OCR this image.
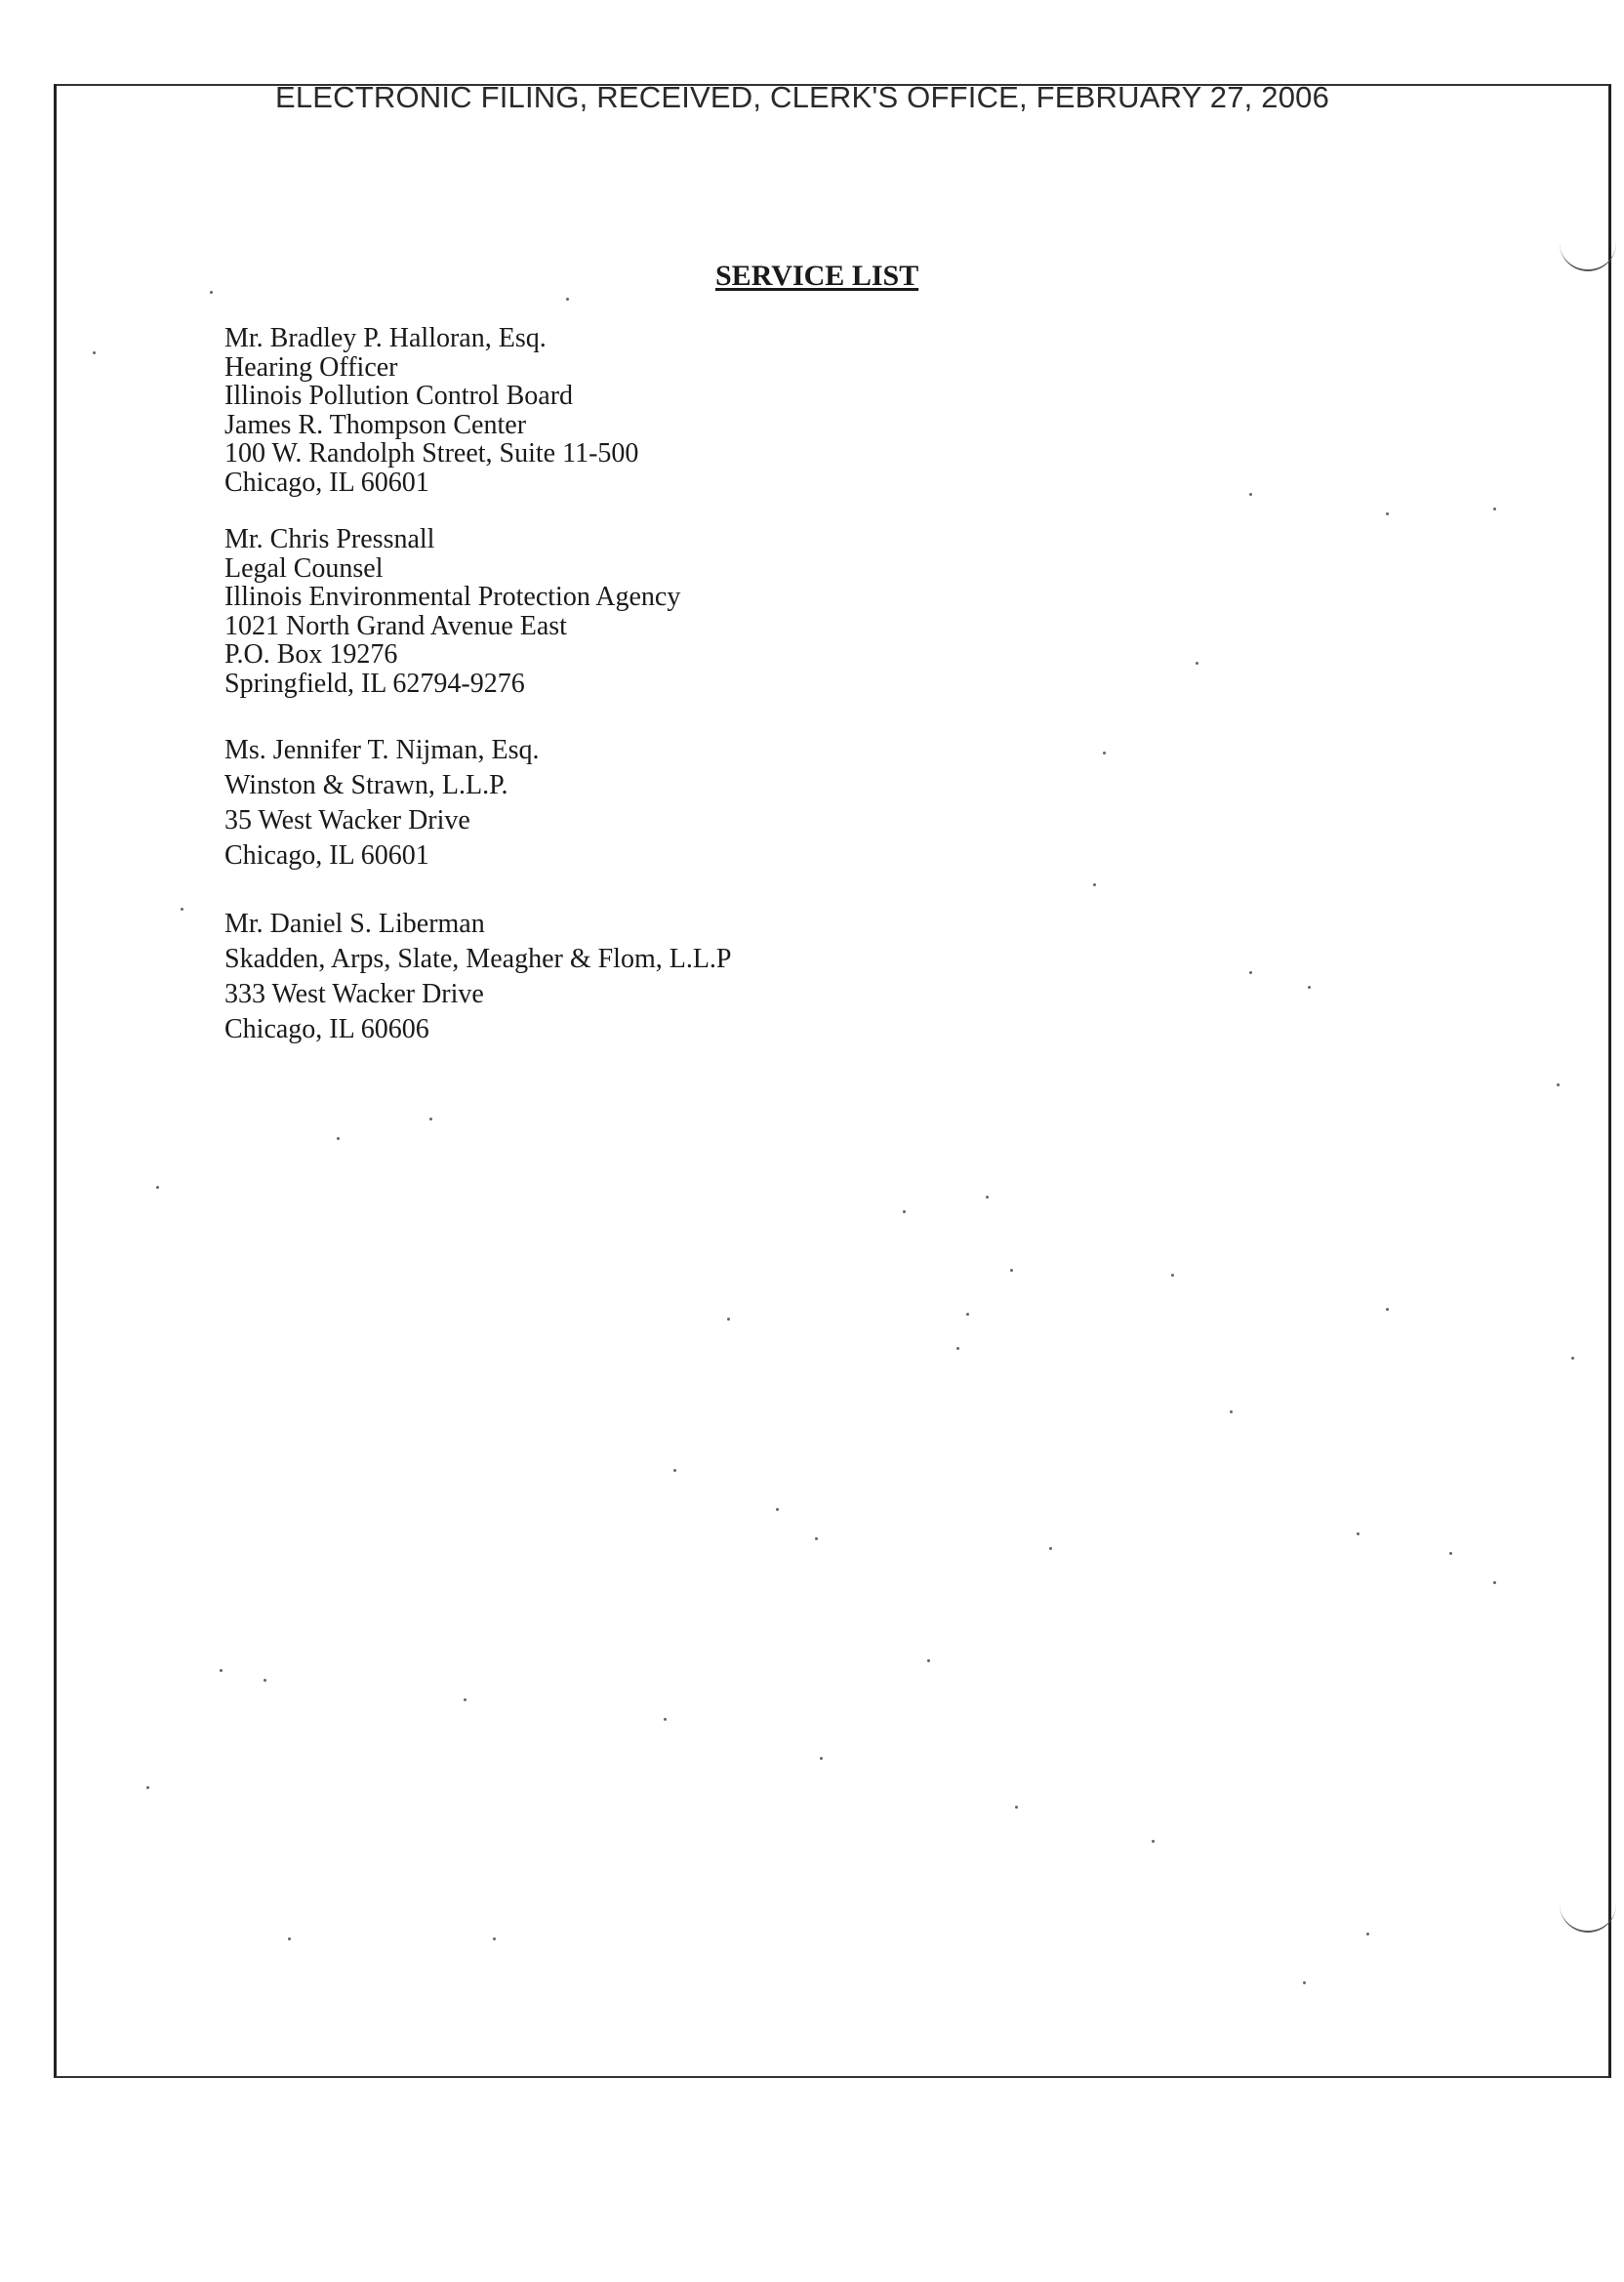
ELECTRONIC FILING, RECEIVED, CLERK'S OFFICE, FEBRUARY 27, 2006
SERVICE LIST
Mr. Bradley P. Halloran, Esq.
Hearing Officer
Illinois Pollution Control Board
James R. Thompson Center
100 W. Randolph Street, Suite 11-500
Chicago, IL 60601
Mr. Chris Pressnall
Legal Counsel
Illinois Environmental Protection Agency
1021 North Grand Avenue East
P.O. Box 19276
Springfield, IL 62794-9276
Ms. Jennifer T. Nijman, Esq.
Winston & Strawn, L.L.P.
35 West Wacker Drive
Chicago, IL 60601
Mr. Daniel S. Liberman
Skadden, Arps, Slate, Meagher & Flom, L.L.P
333 West Wacker Drive
Chicago, IL 60606
